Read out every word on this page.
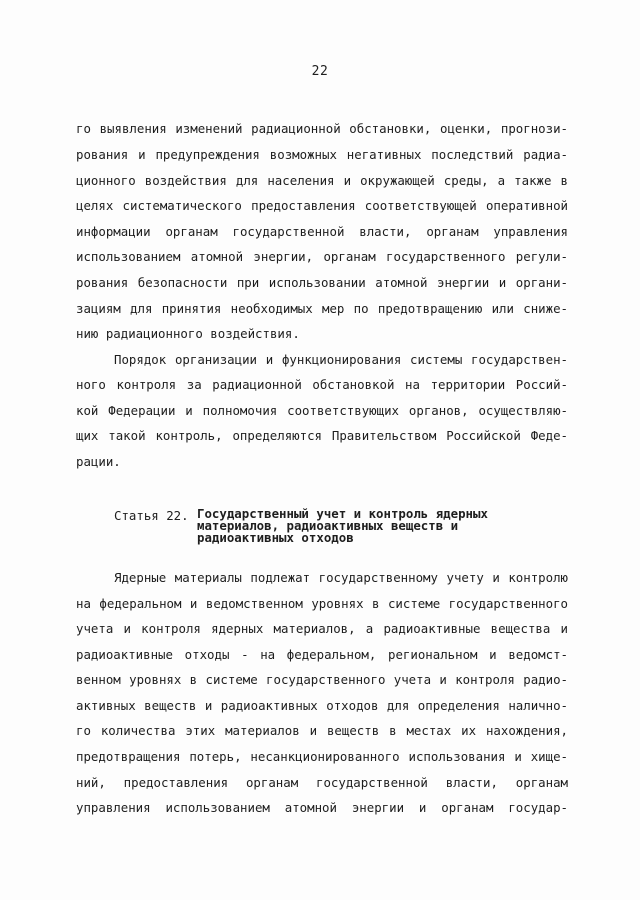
22
го выявления изменений радиационной обстановки, оценки, прогнози-
рования и предупреждения возможных негативных последствий радиа-
ционного воздействия для населения и окружающей среды, а также в
целях систематического предоставления соответствующей оперативной
информации органам государственной власти, органам управления
использованием атомной энергии, органам государственного регули-
рования безопасности при использовании атомной энергии и органи-
зациям для принятия необходимых мер по предотвращению или сниже-
нию радиационного воздействия.
Порядок организации и функционирования системы государствен-
ного контроля за радиационной обстановкой на территории Россий-
кой Федерации и полномочия соответствующих органов, осуществляю-
щих такой контроль, определяются Правительством Российской Феде-
рации.
Статья 22. Государственный учет и контроль ядерных
материалов, радиоактивных веществ и
радиоактивных отходов
Ядерные материалы подлежат государственному учету и контролю
на федеральном и ведомственном уровнях в системе государственного
учета и контроля ядерных материалов, а радиоактивные вещества и
радиоактивные отходы - на федеральном, региональном и ведомст-
венном уровнях в системе государственного учета и контроля радио-
активных веществ и радиоактивных отходов для определения налично-
го количества этих материалов и веществ в местах их нахождения,
предотвращения потерь, несанкционированного использования и хище-
ний, предоставления органам государственной власти, органам
управления использованием атомной энергии и органам государ-
